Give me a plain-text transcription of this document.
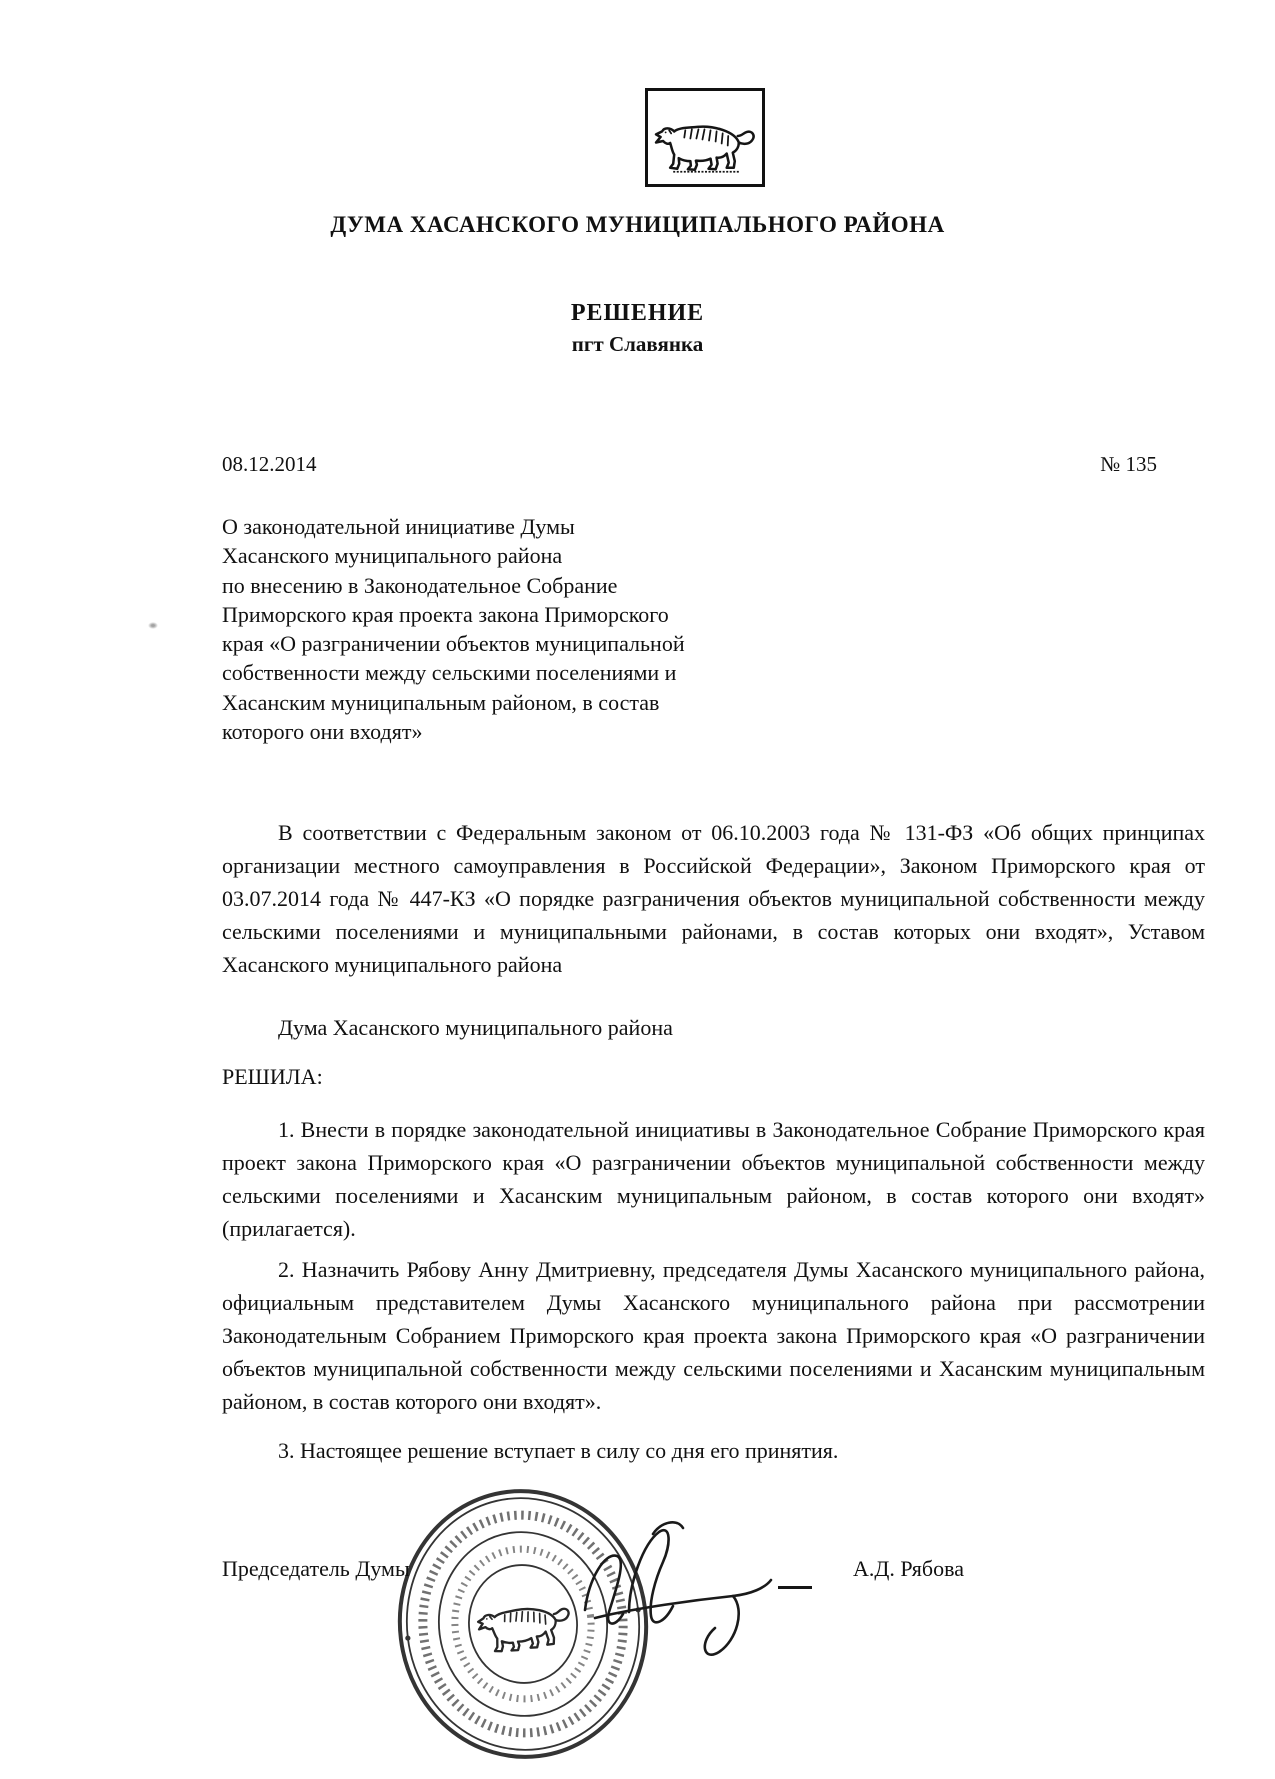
ДУМА ХАСАНСКОГО МУНИЦИПАЛЬНОГО РАЙОНА
РЕШЕНИЕ
пгт Славянка
08.12.2014	№ 135
О законодательной инициативе Думы
Хасанского муниципального района
по внесению в Законодательное Собрание
Приморского края проекта закона Приморского
края «О разграничении объектов муниципальной
собственности между сельскими поселениями и
Хасанским муниципальным районом, в состав
которого они входят»

В соответствии с Федеральным законом от 06.10.2003 года № 131-ФЗ «Об общих принципах организации местного самоуправления в Российской Федерации», Законом Приморского края от 03.07.2014 года № 447-КЗ «О порядке разграничения объектов муниципальной собственности между сельскими поселениями и муниципальными районами, в состав которых они входят», Уставом Хасанского муниципального района

Дума Хасанского муниципального района
РЕШИЛА:

1. Внести в порядке законодательной инициативы в Законодательное Собрание Приморского края проект закона Приморского края «О разграничении объектов муниципальной собственности между сельскими поселениями и Хасанским муниципальным районом, в состав которого они входят» (прилагается).

2. Назначить Рябову Анну Дмитриевну, председателя Думы Хасанского муниципального района, официальным представителем Думы Хасанского муниципального района при рассмотрении Законодательным Собранием Приморского края проекта закона Приморского края «О разграничении объектов муниципальной собственности между сельскими поселениями и Хасанским муниципальным районом, в состав которого они входят».

3. Настоящее решение вступает в силу со дня его принятия.

Председатель Думы	А.Д. Рябова
